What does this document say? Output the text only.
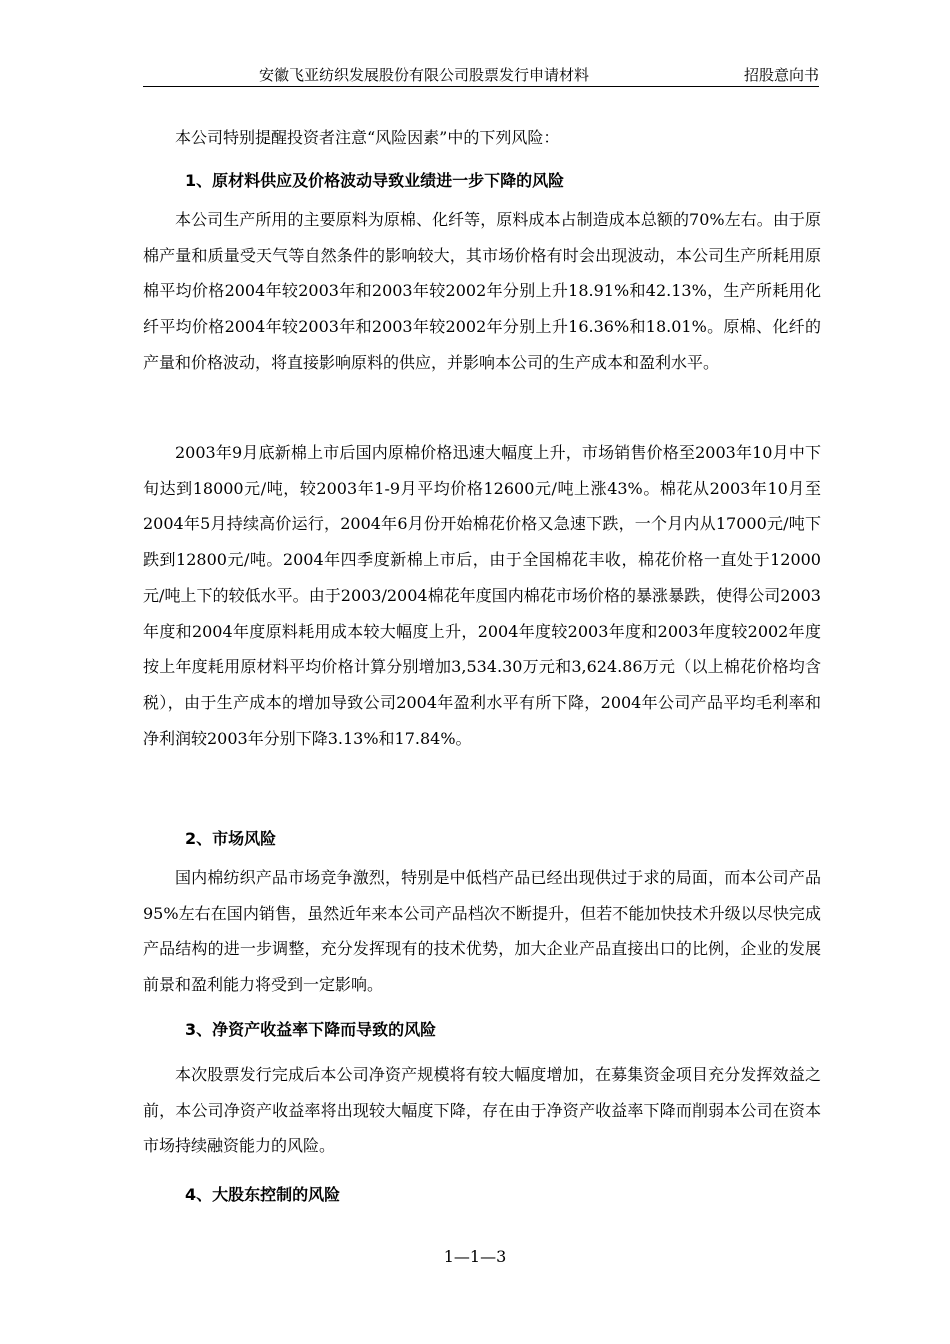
安徽飞亚纺织发展股份有限公司股票发行申请材料	招股意向书

本公司特别提醒投资者注意“风险因素”中的下列风险：

1、原材料供应及价格波动导致业绩进一步下降的风险

本公司生产所用的主要原料为原棉、化纤等，原料成本占制造成本总额的70%左右。由于原棉产量和质量受天气等自然条件的影响较大，其市场价格有时会出现波动，本公司生产所耗用原棉平均价格2004年较2003年和2003年较2002年分别上升18.91%和42.13%，生产所耗用化纤平均价格2004年较2003年和2003年较2002年分别上升16.36%和18.01%。原棉、化纤的产量和价格波动，将直接影响原料的供应，并影响本公司的生产成本和盈利水平。

2003年9月底新棉上市后国内原棉价格迅速大幅度上升，市场销售价格至2003年10月中下旬达到18000元/吨，较2003年1-9月平均价格12600元/吨上涨43%。棉花从2003年10月至2004年5月持续高价运行，2004年6月份开始棉花价格又急速下跌，一个月内从17000元/吨下跌到12800元/吨。2004年四季度新棉上市后，由于全国棉花丰收，棉花价格一直处于12000元/吨上下的较低水平。由于2003/2004棉花年度国内棉花市场价格的暴涨暴跌，使得公司2003年度和2004年度原料耗用成本较大幅度上升，2004年度较2003年度和2003年度较2002年度按上年度耗用原材料平均价格计算分别增加3,534.30万元和3,624.86万元（以上棉花价格均含税），由于生产成本的增加导致公司2004年盈利水平有所下降，2004年公司产品平均毛利率和净利润较2003年分别下降3.13%和17.84%。

2、市场风险

国内棉纺织产品市场竞争激烈，特别是中低档产品已经出现供过于求的局面，而本公司产品95%左右在国内销售，虽然近年来本公司产品档次不断提升，但若不能加快技术升级以尽快完成产品结构的进一步调整，充分发挥现有的技术优势，加大企业产品直接出口的比例，企业的发展前景和盈利能力将受到一定影响。

3、净资产收益率下降而导致的风险

本次股票发行完成后本公司净资产规模将有较大幅度增加，在募集资金项目充分发挥效益之前，本公司净资产收益率将出现较大幅度下降，存在由于净资产收益率下降而削弱本公司在资本市场持续融资能力的风险。

4、大股东控制的风险
1—1—3
